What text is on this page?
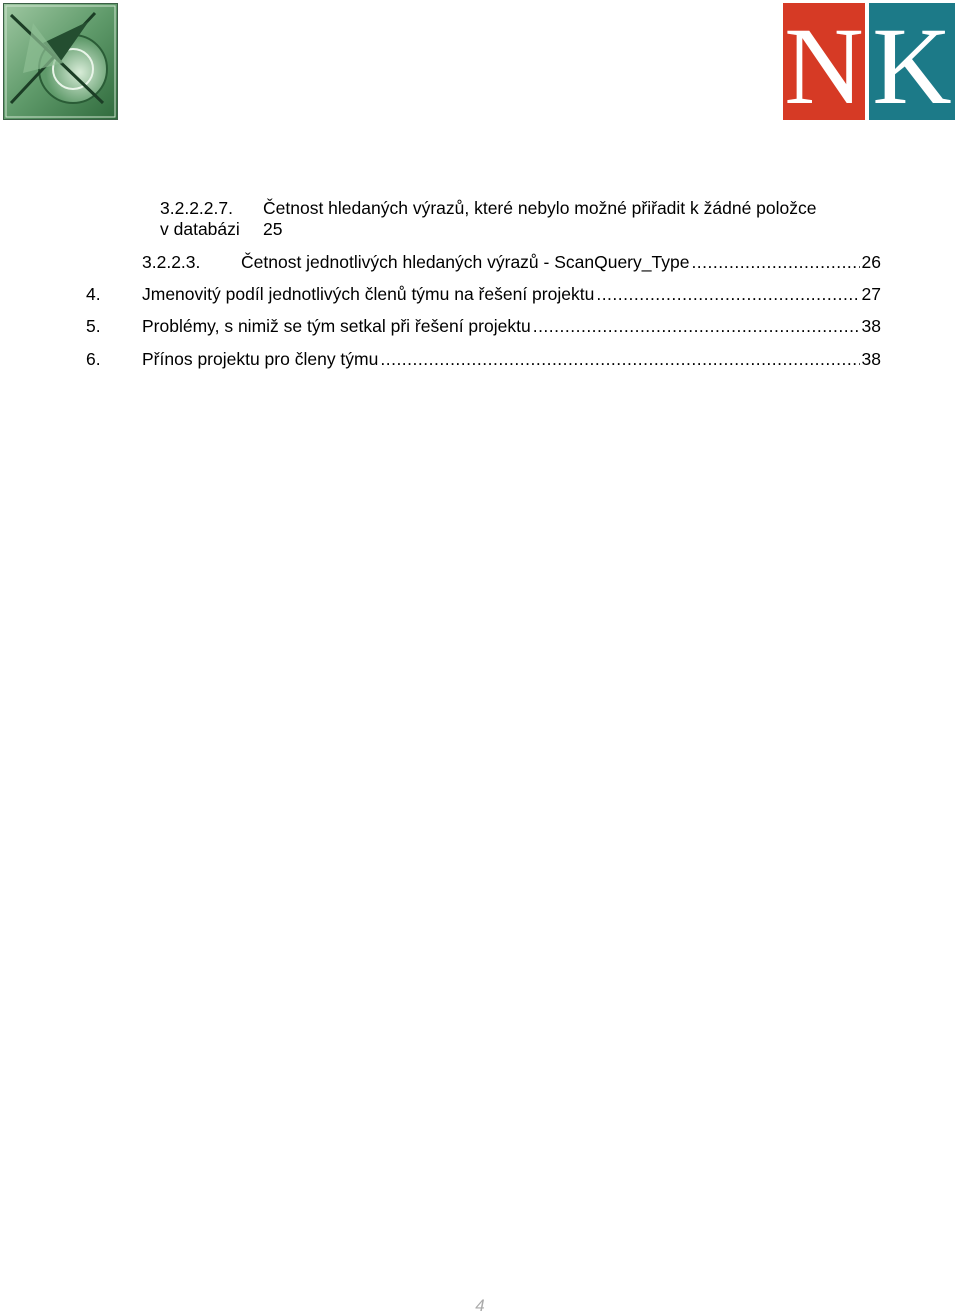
N K
3.2.2.2.7. Četnost hledaných výrazů, které nebylo možné přiřadit k žádné položce
v databázi 25
3.2.2.3. Četnost jednotlivých hledaných výrazů - ScanQuery_Type .....	26
4. Jmenovitý podíl jednotlivých členů týmu na řešení projektu .....	27
5. Problémy, s nimiž se tým setkal při řešení projektu .....	38
6. Přínos projektu pro členy týmu .....	38
4
